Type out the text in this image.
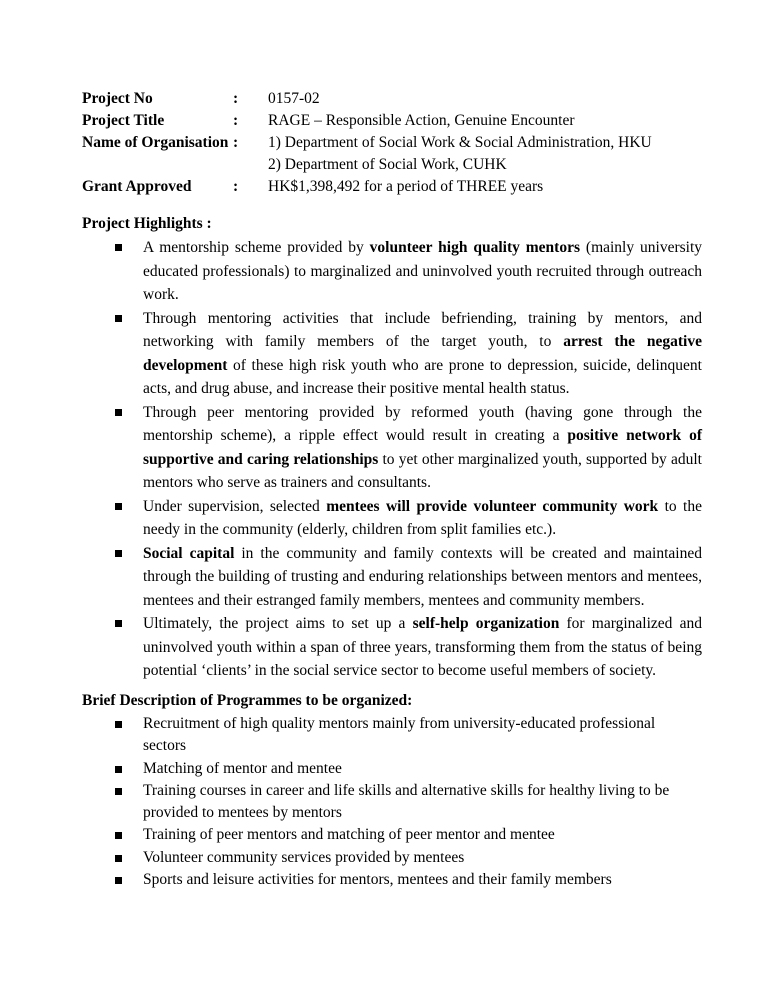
Project No	:	0157-02
Project Title	:	RAGE – Responsible Action, Genuine Encounter
Name of Organisation :	1) Department of Social Work & Social Administration, HKU
2) Department of Social Work, CUHK
Grant Approved	:	HK$1,398,492 for a period of THREE years

Project Highlights :

A mentorship scheme provided by volunteer high quality mentors (mainly university educated professionals) to marginalized and uninvolved youth recruited through outreach work.
Through mentoring activities that include befriending, training by mentors, and networking with family members of the target youth, to arrest the negative development of these high risk youth who are prone to depression, suicide, delinquent acts, and drug abuse, and increase their positive mental health status.
Through peer mentoring provided by reformed youth (having gone through the mentorship scheme), a ripple effect would result in creating a positive network of supportive and caring relationships to yet other marginalized youth, supported by adult mentors who serve as trainers and consultants.
Under supervision, selected mentees will provide volunteer community work to the needy in the community (elderly, children from split families etc.).
Social capital in the community and family contexts will be created and maintained through the building of trusting and enduring relationships between mentors and mentees, mentees and their estranged family members, mentees and community members.
Ultimately, the project aims to set up a self-help organization for marginalized and uninvolved youth within a span of three years, transforming them from the status of being potential ‘clients’ in the social service sector to become useful members of society.

Brief Description of Programmes to be organized:

Recruitment of high quality mentors mainly from university-educated professional sectors
Matching of mentor and mentee
Training courses in career and life skills and alternative skills for healthy living to be provided to mentees by mentors
Training of peer mentors and matching of peer mentor and mentee
Volunteer community services provided by mentees
Sports and leisure activities for mentors, mentees and their family members
